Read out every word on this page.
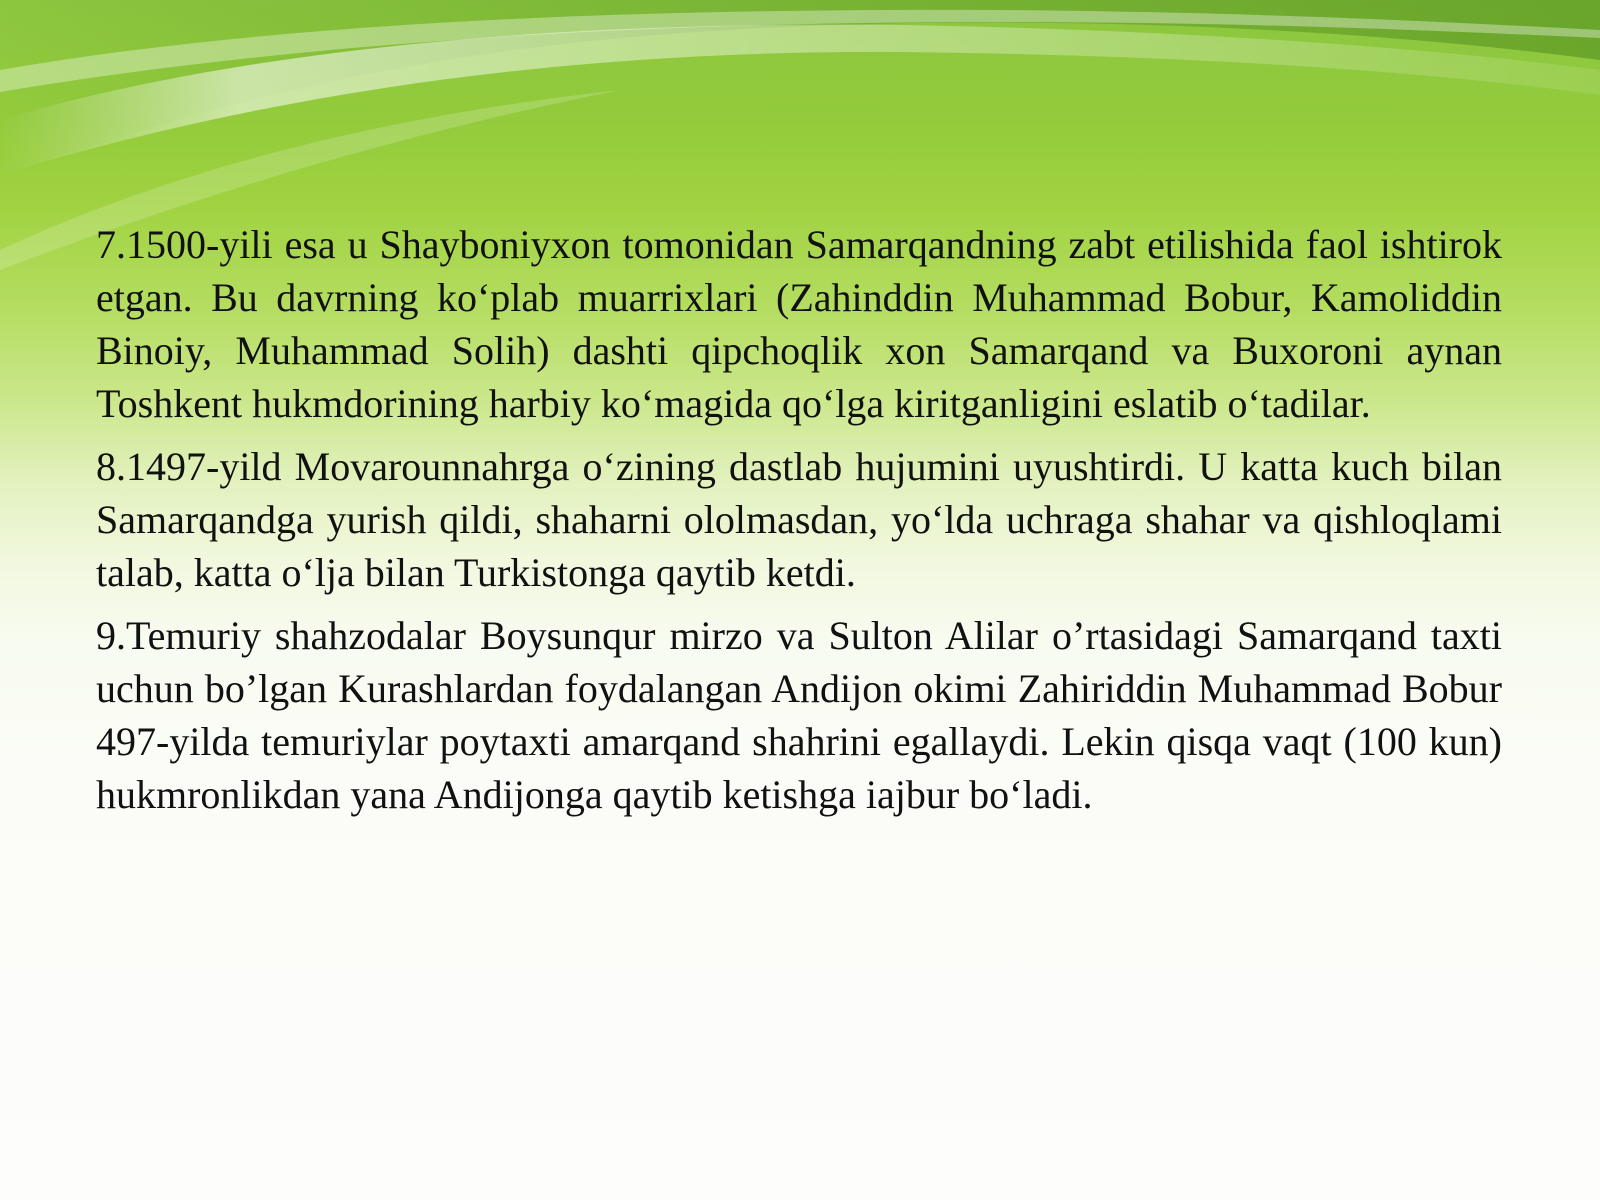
7.1500-yili esa u Shayboniyxon tomonidan Samarqandning zabt etilishida faol ishtirok etgan. Bu davrning ko‘plab muarrixlari (Zahinddin Muhammad Bobur, Kamoliddin Binoiy, Muhammad Solih) dashti qipchoqlik xon Samarqand va Buxoroni aynan Toshkent hukmdorining harbiy ko‘magida qo‘lga kiritganligini eslatib o‘tadilar.

8.1497-yild Movarounnahrga o‘zining dastlab hujumini uyushtirdi. U katta kuch bilan Samarqandga yurish qildi, shaharni ololmasdan, yo‘lda uchraga shahar va qishloqlami talab, katta o‘lja bilan Turkistonga qaytib ketdi.

9.Temuriy shahzodalar Boysunqur mirzo va Sulton Alilar o’rtasidagi Samarqand taxti uchun bo’lgan Kurashlardan foydalangan Andijon okimi Zahiriddin Muhammad Bobur 497-yilda temuriylar poytaxti amarqand shahrini egallaydi. Lekin qisqa vaqt (100 kun) hukmronlikdan yana Andijonga qaytib ketishga iajbur bo‘ladi.
